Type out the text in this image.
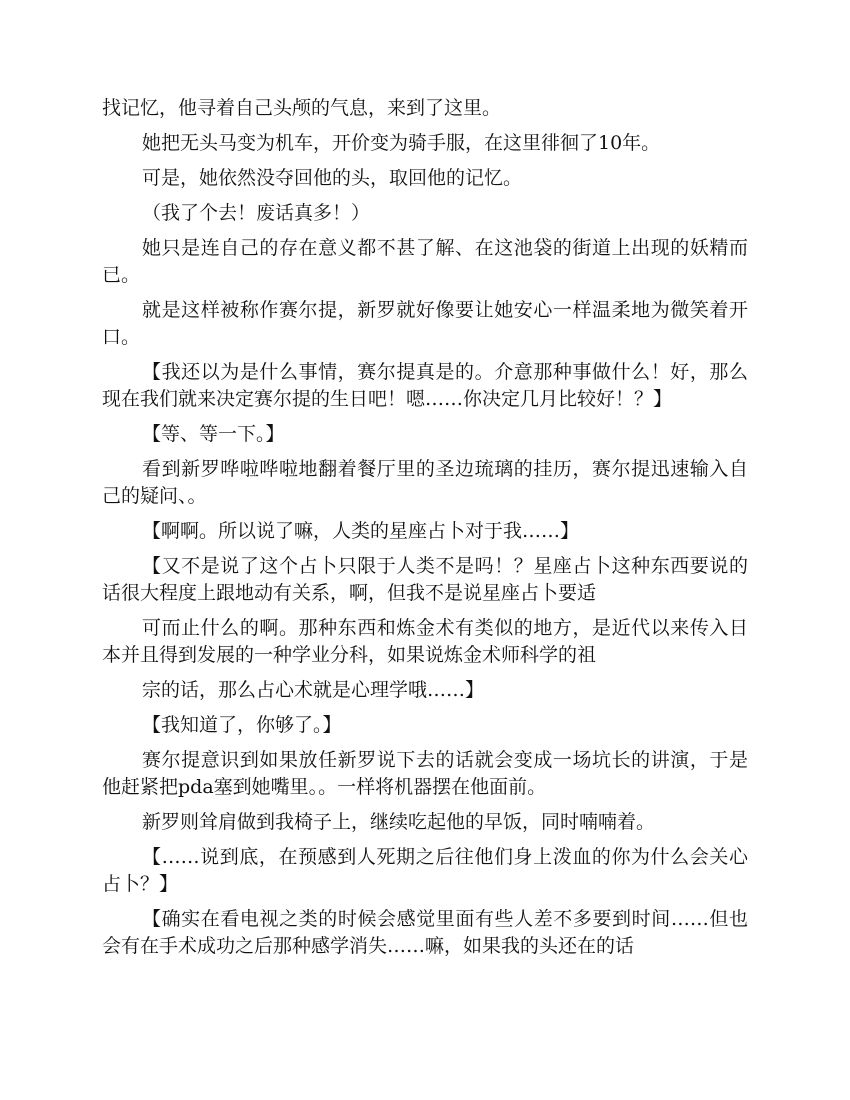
找记忆，他寻着自己头颅的气息，来到了这里。

她把无头马变为机车，开价变为骑手服，在这里徘徊了10年。

可是，她依然没夺回他的头，取回他的记忆。

（我了个去！废话真多！）

她只是连自己的存在意义都不甚了解、在这池袋的街道上出现的妖精而已。

就是这样被称作赛尔提，新罗就好像要让她安心一样温柔地为微笑着开口。

【我还以为是什么事情，赛尔提真是的。介意那种事做什么！好，那么现在我们就来决定赛尔提的生日吧！嗯……你决定几月比较好！？】

【等、等一下。】

看到新罗哗啦哗啦地翻着餐厅里的圣边琉璃的挂历，赛尔提迅速输入自己的疑问、。

【啊啊。所以说了嘛，人类的星座占卜对于我……】

【又不是说了这个占卜只限于人类不是吗！？星座占卜这种东西要说的话很大程度上跟地动有关系，啊，但我不是说星座占卜要适

可而止什么的啊。那种东西和炼金术有类似的地方，是近代以来传入日本并且得到发展的一种学业分科，如果说炼金术师科学的祖

宗的话，那么占心术就是心理学哦……】

【我知道了，你够了。】

赛尔提意识到如果放任新罗说下去的话就会变成一场坑长的讲演，于是他赶紧把pda塞到她嘴里。。一样将机器摆在他面前。

新罗则耸肩做到我椅子上，继续吃起他的早饭，同时喃喃着。

【……说到底，在预感到人死期之后往他们身上泼血的你为什么会关心占卜？】

【确实在看电视之类的时候会感觉里面有些人差不多要到时间……但也会有在手术成功之后那种感学消失……嘛，如果我的头还在的话
